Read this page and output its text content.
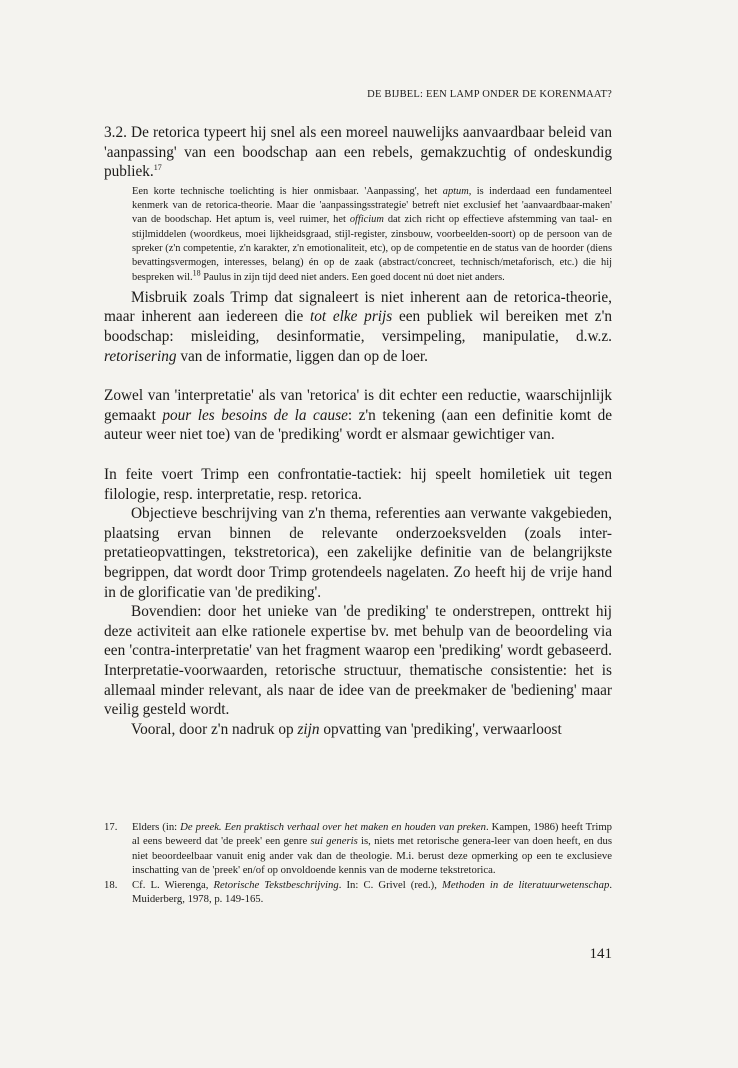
DE BIJBEL: EEN LAMP ONDER DE KORENMAAT?

3.2. De retorica typeert hij snel als een moreel nauwelijks aanvaardbaar beleid van 'aanpassing' van een boodschap aan een rebels, gemakzuchtig of ondeskundig publiek.$^{17}$

Een korte technische toelichting is hier onmisbaar. 'Aanpassing', het aptum, is inderdaad een fundamenteel kenmerk van de retorica-theorie. Maar die 'aanpassingsstrategie' betreft niet exclusief het 'aanvaardbaar-maken' van de boodschap. Het aptum is, veel ruimer, het officium dat zich richt op effectieve afstemming van taal- en stijlmiddelen (woordkeus, moei lijkheidsgraad, stijl-register, zinsbouw, voorbeelden-soort) op de persoon van de spreker (z'n competentie, z'n karakter, z'n emotionaliteit, etc), op de competentie en de status van de hoorder (diens bevattingsvermogen, interesses, belang) én op de zaak (abstract/concreet, technisch/metaforisch, etc.) die hij bespreken wil.$^{18}$ Paulus in zijn tijd deed niet anders. Een goed docent nú doet niet anders.

Misbruik zoals Trimp dat signaleert is niet inherent aan de retorica-theorie, maar inherent aan iedereen die tot elke prijs een publiek wil bereiken met z'n boodschap: misleiding, desinformatie, versimpeling, manipulatie, d.w.z. retorisering van de informatie, liggen dan op de loer.

Zowel van 'interpretatie' als van 'retorica' is dit echter een reductie, waarschijnlijk gemaakt pour les besoins de la cause: z'n tekening (aan een definitie komt de auteur weer niet toe) van de 'prediking' wordt er alsmaar gewichtiger van.

In feite voert Trimp een confrontatie-tactiek: hij speelt homiletiek uit tegen filologie, resp. interpretatie, resp. retorica.

Objectieve beschrijving van z'n thema, referenties aan verwante vakgebieden, plaatsing ervan binnen de relevante onderzoeksvelden (zoals inter-pretatieopvattingen, tekstretorica), een zakelijke definitie van de belangrijkste begrippen, dat wordt door Trimp grotendeels nagelaten. Zo heeft hij de vrije hand in de glorificatie van 'de prediking'.

Bovendien: door het unieke van 'de prediking' te onderstrepen, onttrekt hij deze activiteit aan elke rationele expertise bv. met behulp van de beoordeling via een 'contra-interpretatie' van het fragment waarop een 'prediking' wordt gebaseerd. Interpretatie-voorwaarden, retorische structuur, thematische consistentie: het is allemaal minder relevant, als naar de idee van de preekmaker de 'bediening' maar veilig gesteld wordt.

Vooral, door z'n nadruk op zijn opvatting van 'prediking', verwaarloost

17.	Elders (in: De preek. Een praktisch verhaal over het maken en houden van preken. Kampen, 1986) heeft Trimp al eens beweerd dat 'de preek' een genre sui generis is, niets met retorische genera-leer van doen heeft, en dus niet beoordeelbaar vanuit enig ander vak dan de theologie. M.i. berust deze opmerking op een te exclusieve inschatting van de 'preek' en/of op onvoldoende kennis van de moderne tekstretorica.
18.	Cf. L. Wierenga, Retorische Tekstbeschrijving. In: C. Grivel (red.), Methoden in de literatuurwetenschap. Muiderberg, 1978, p. 149-165.
141
